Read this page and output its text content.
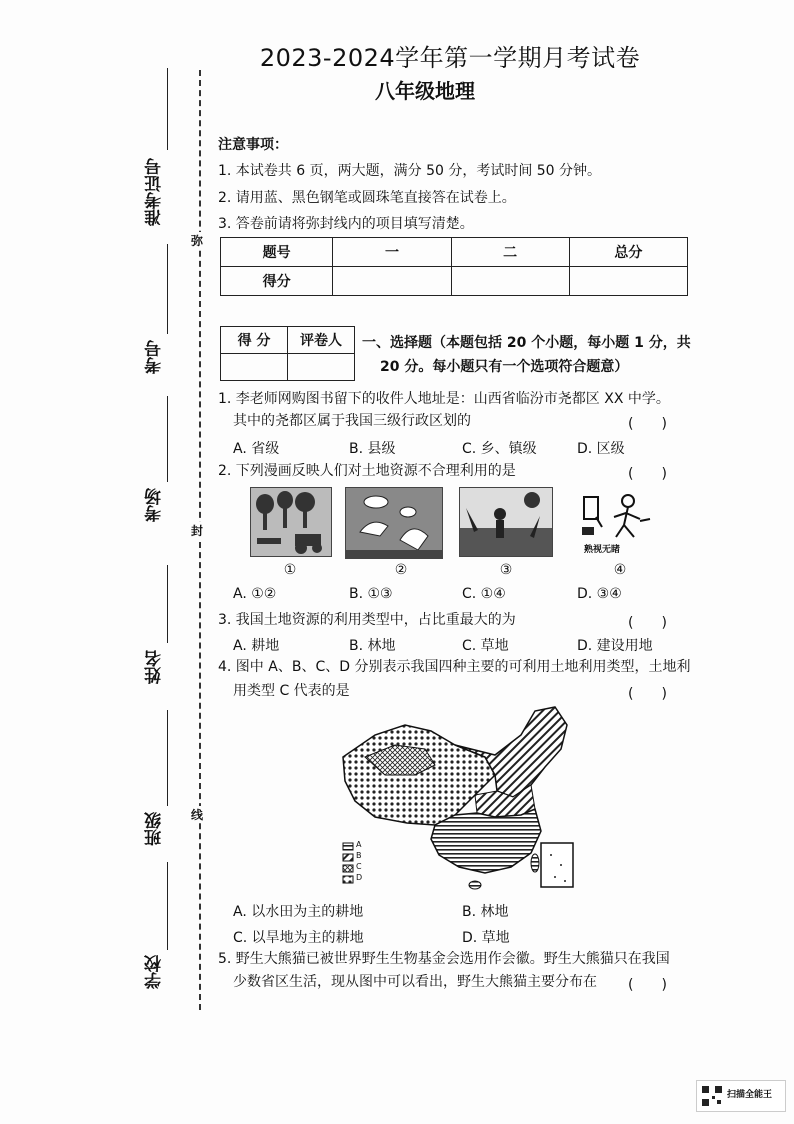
2023-2024学年第一学期月考试卷
八年级地理
弥
封
线
准考证号
考号
考场
姓名
班级
学校
注意事项：
1. 本试卷共 6 页，两大题，满分 50 分，考试时间 50 分钟。
2. 请用蓝、黑色钢笔或圆珠笔直接答在试卷上。
3. 答卷前请将弥封线内的项目填写清楚。
题号	一	二	总分
得分			
得 分	评卷人
	一、选择题（本题包括 20 个小题，每小题 1 分，共
20 分。每小题只有一个选项符合题意）
1. 李老师网购图书留下的收件人地址是：山西省临汾市尧都区 XX 中学。
其中的尧都区属于我国三级行政区划的	(　　)
A. 省级	B. 县级	C. 乡、镇级	D. 区级
2. 下列漫画反映人们对土地资源不合理利用的是	(　　)
①	②	③
熟视无睹
④
A. ①②	B. ①③	C. ①④	D. ③④
3. 我国土地资源的利用类型中，占比重最大的为	(　　)
A. 耕地	B. 林地	C. 草地	D. 建设用地
4. 图中 A、B、C、D 分别表示我国四种主要的可利用土地利用类型，土地利
用类型 C 代表的是	(　　)
A
B
C
D
A. 以水田为主的耕地	B. 林地
C. 以旱地为主的耕地	D. 草地
5. 野生大熊猫已被世界野生生物基金会选用作会徽。野生大熊猫只在我国
少数省区生活，现从图中可以看出，野生大熊猫主要分布在 (　　)
扫描全能王
